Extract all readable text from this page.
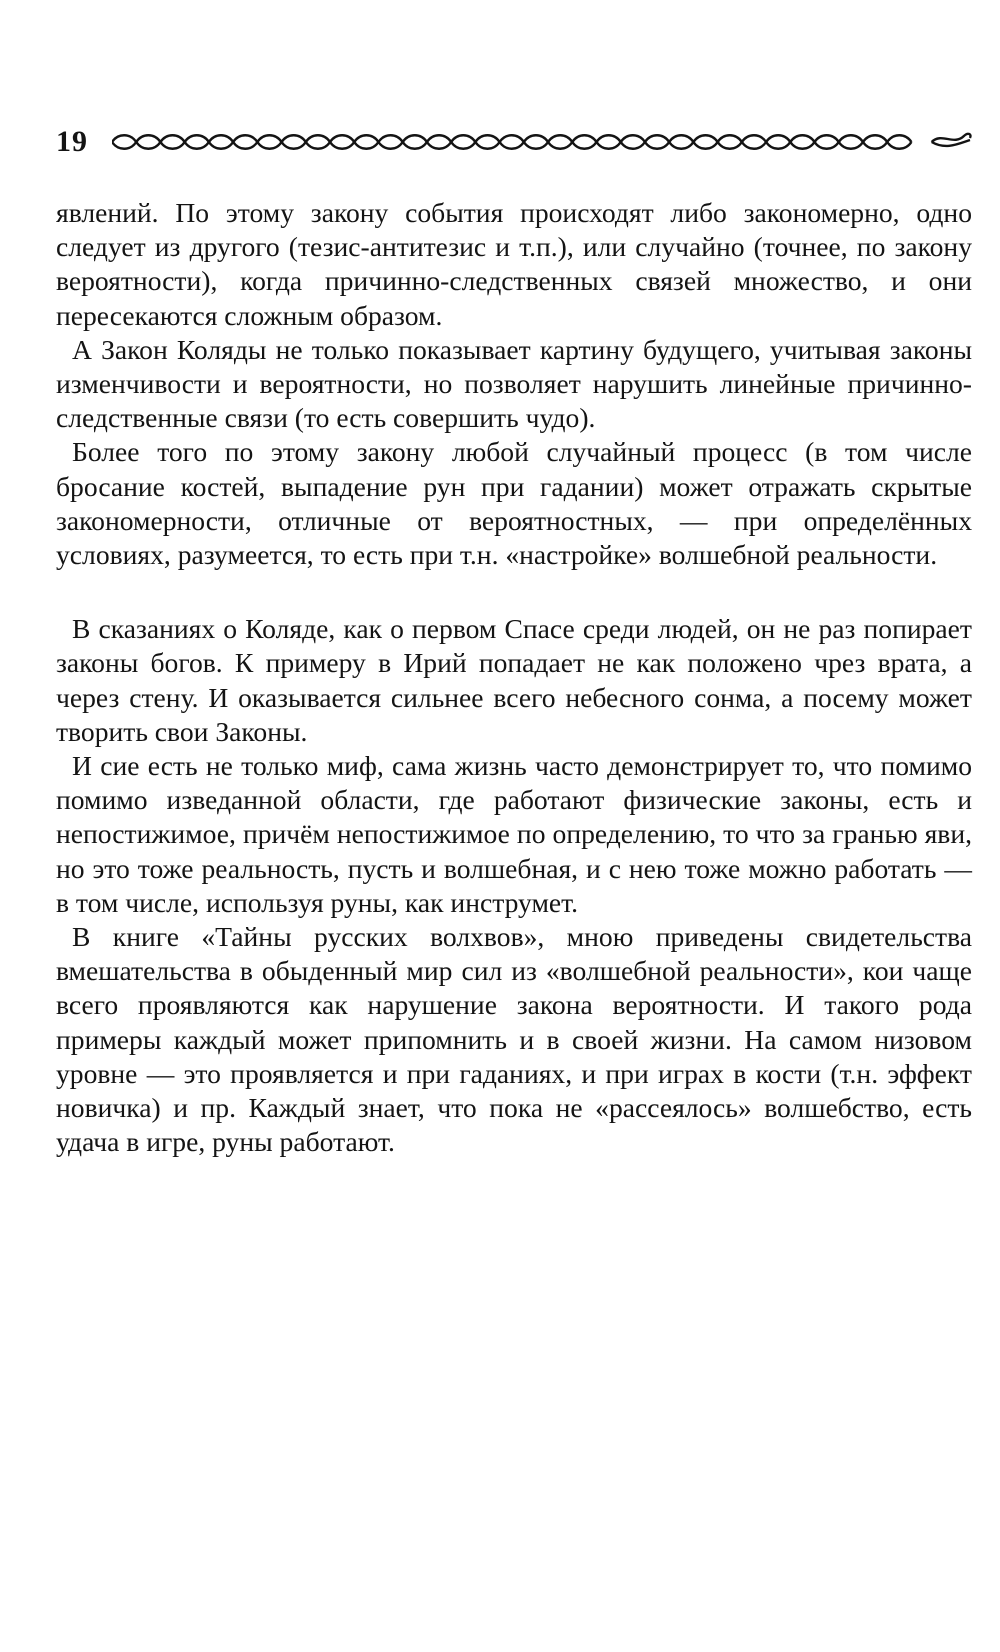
19

явлений. По этому закону события происходят либо закономерно, одно следует из другого (тезис-антитезис и т.п.), или случайно (точнее, по закону вероятности), когда причинно-следственных связей множество, и они пересекаются сложным образом.

А Закон Коляды не только показывает картину будущего, учитывая законы изменчивости и вероятности, но позволяет нарушить линейные причинно-следственные связи (то есть совершить чудо).

Более того по этому закону любой случайный процесс (в том числе бросание костей, выпадение рун при гадании) может отражать скрытые закономерности, отличные от вероятностных, — при определённых условиях, разумеется, то есть при т.н. «настройке» волшебной реальности.

В сказаниях о Коляде, как о первом Спасе среди людей, он не раз попирает законы богов. К примеру в Ирий попадает не как положено чрез врата, а через стену. И оказывается сильнее всего небесного сонма, а посему может творить свои Законы.

И сие есть не только миф, сама жизнь часто демонстрирует то, что помимо помимо изведанной области, где работают физические законы, есть и непостижимое, причём непостижимое по определению, то что за гранью яви, но это тоже реальность, пусть и волшебная, и с нею тоже можно работать — в том числе, используя руны, как инструмет.

В книге «Тайны русских волхвов», мною приведены свидетельства вмешательства в обыденный мир сил из «волшебной реальности», кои чаще всего проявляются как нарушение закона вероятности. И такого рода примеры каждый может припомнить и в своей жизни. На самом низовом уровне — это проявляется и при гаданиях, и при играх в кости (т.н. эффект новичка) и пр. Каждый знает, что пока не «рассеялось» волшебство, есть удача в игре, руны работают.
